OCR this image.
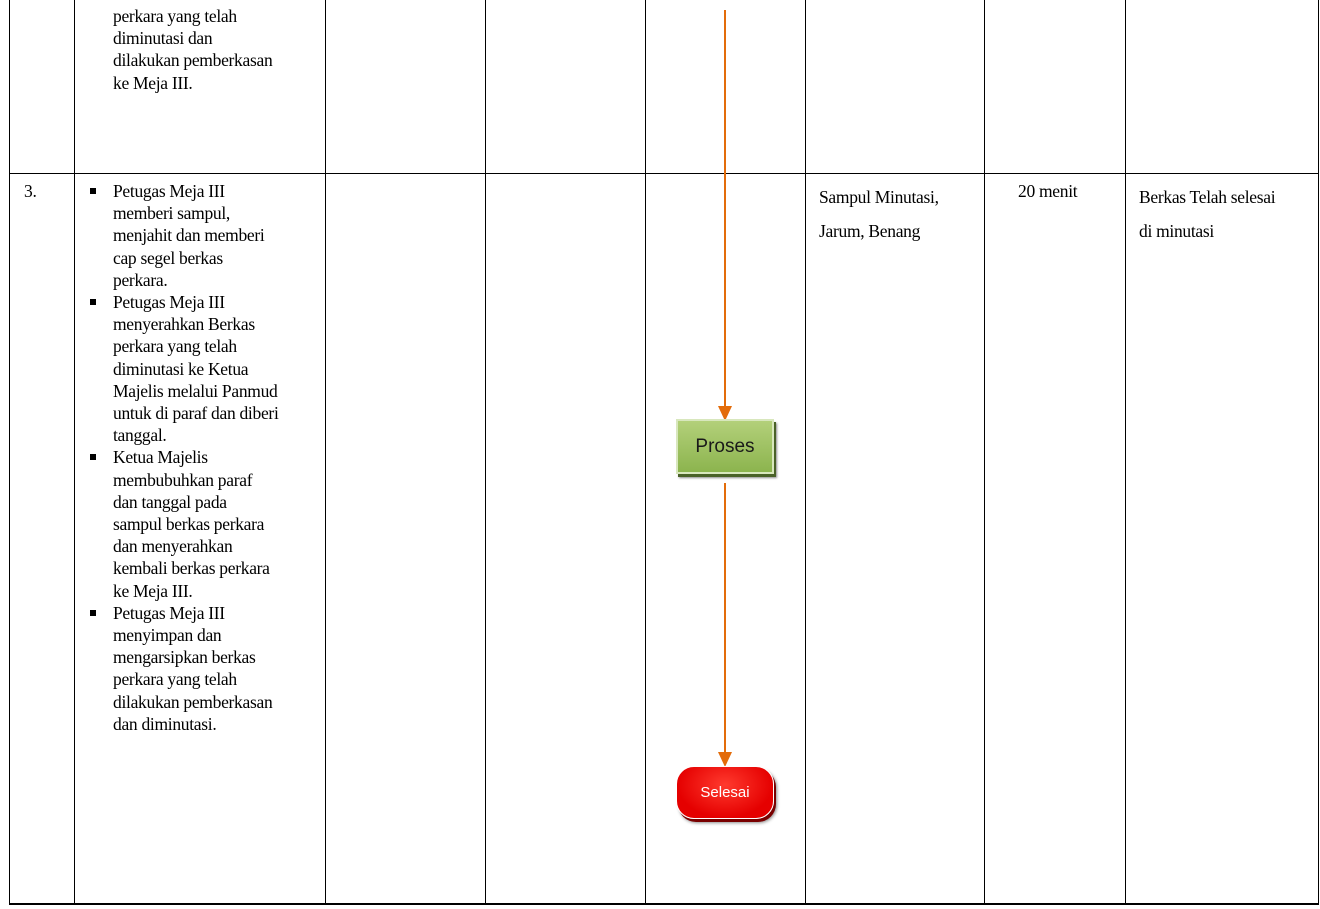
perkara yang telah
diminutasi dan
dilakukan pemberkasan
ke Meja III.
3.	Petugas Meja III
memberi sampul,
menjahit dan memberi
cap segel berkas
perkara.
Petugas Meja III
menyerahkan Berkas
perkara yang telah
diminutasi ke Ketua
Majelis melalui Panmud
untuk di paraf dan diberi
tanggal.
Ketua Majelis
membubuhkan paraf
dan tanggal pada
sampul berkas perkara
dan menyerahkan
kembali berkas perkara
ke Meja III.
Petugas Meja III
menyimpan dan
mengarsipkan berkas
perkara yang telah
dilakukan pemberkasan
dan diminutasi.
Sampul Minutasi,
Jarum, Benang
20 menit	Berkas Telah selesai
di minutasi
Proses
Selesai
